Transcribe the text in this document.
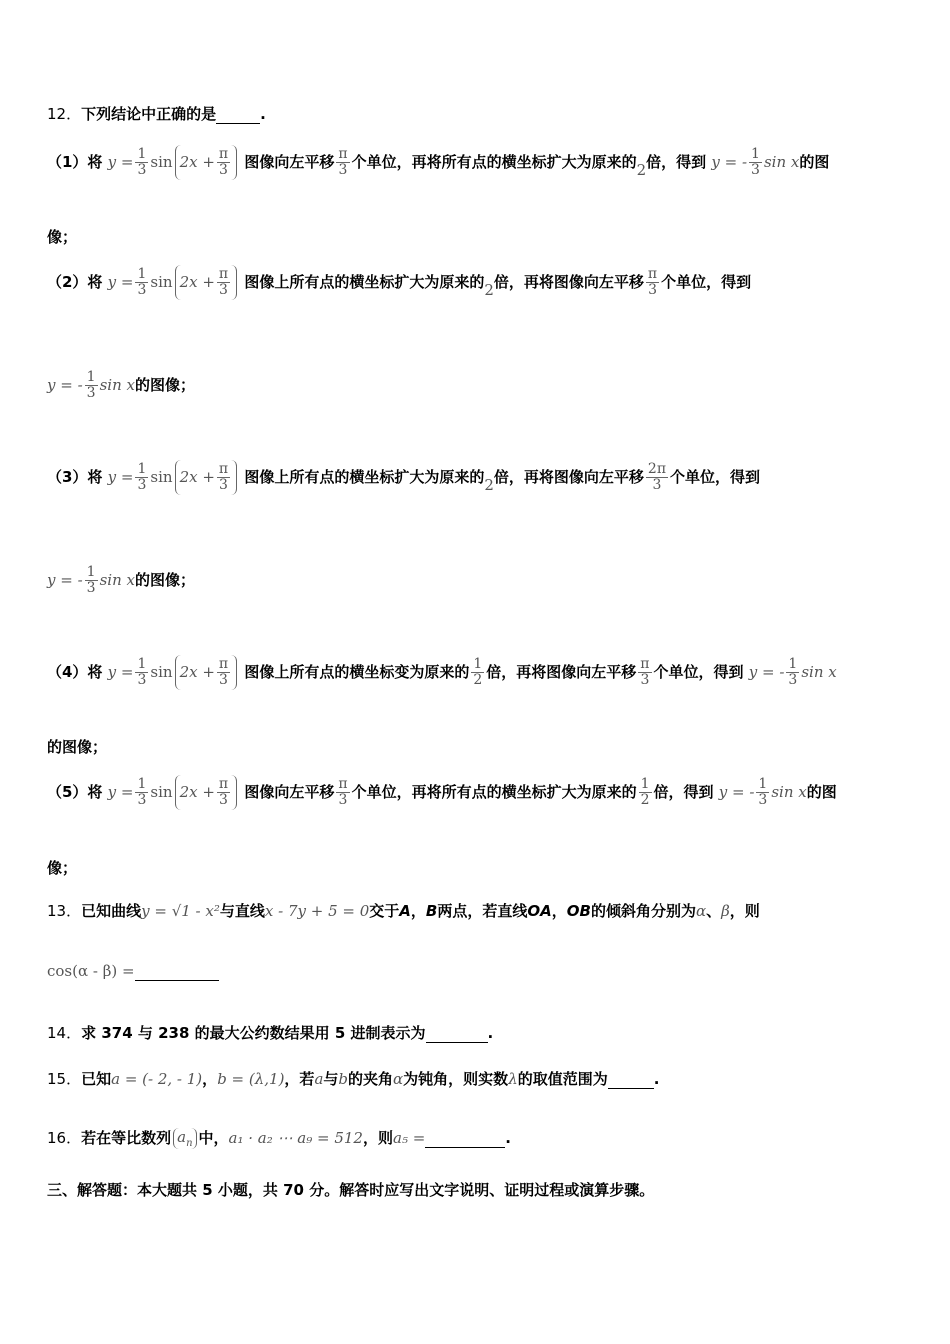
12．下列结论中正确的是	.
（1）将 $y = \frac{1}{3}$ $\sin 2x + \frac{\pi}{3}$ 图像向左平移 $\frac{\pi}{3}$ 个单位，再将所有点的横坐标扩大为原来的2倍，得到 y = - $\frac{1}{3}$ sin x的图
像；
（2）将 $y = \frac{1}{3}$ $\sin 2x + \frac{\pi}{3}$ 图像上所有点的横坐标扩大为原来的2倍，再将图像向左平移 $\frac{\pi}{3}$ 个单位，得到
y = - $\frac{1}{3}$ sin x的图像；
（3）将 $y = \frac{1}{3}$ $\sin 2x + \frac{\pi}{3}$ 图像上所有点的横坐标扩大为原来的2倍，再将图像向左平移 $\frac{2\pi}{3}$ 个单位，得到
y = - $\frac{1}{3}$ sin x的图像；
（4）将 $y = \frac{1}{3}$ $\sin 2x + \frac{\pi}{3}$ 图像上所有点的横坐标变为原来的 $\frac{1}{2}$ 倍，再将图像向左平移 $\frac{\pi}{3}$ 个单位，得到 y = - $\frac{1}{3}$ sin x
的图像；
（5）将 $y = \frac{1}{3}$ $\sin 2x + \frac{\pi}{3}$ 图像向左平移 $\frac{\pi}{3}$ 个单位，再将所有点的横坐标扩大为原来的 $\frac{1}{2}$ 倍，得到 y = - $\frac{1}{3}$ sin x的图
像；
13．已知曲线y = √1 - x²与直线x - 7y + 5 = 0交于A，B两点，若直线OA，OB的倾斜角分别为α、β，则
cos(α - β) =
14．求 374 与 238 的最大公约数结果用 5 进制表示为	.
15．已知a = (- 2, - 1)，b = (λ,1)，若a与b的夹角α为钝角，则实数λ的取值范围为	.
16．若在等比数列 $a_n$ 中，a₁ · a₂ ⋯ a₉ = 512，则a₅ =	.
三、解答题：本大题共 5 小题，共 70 分。解答时应写出文字说明、证明过程或演算步骤。
